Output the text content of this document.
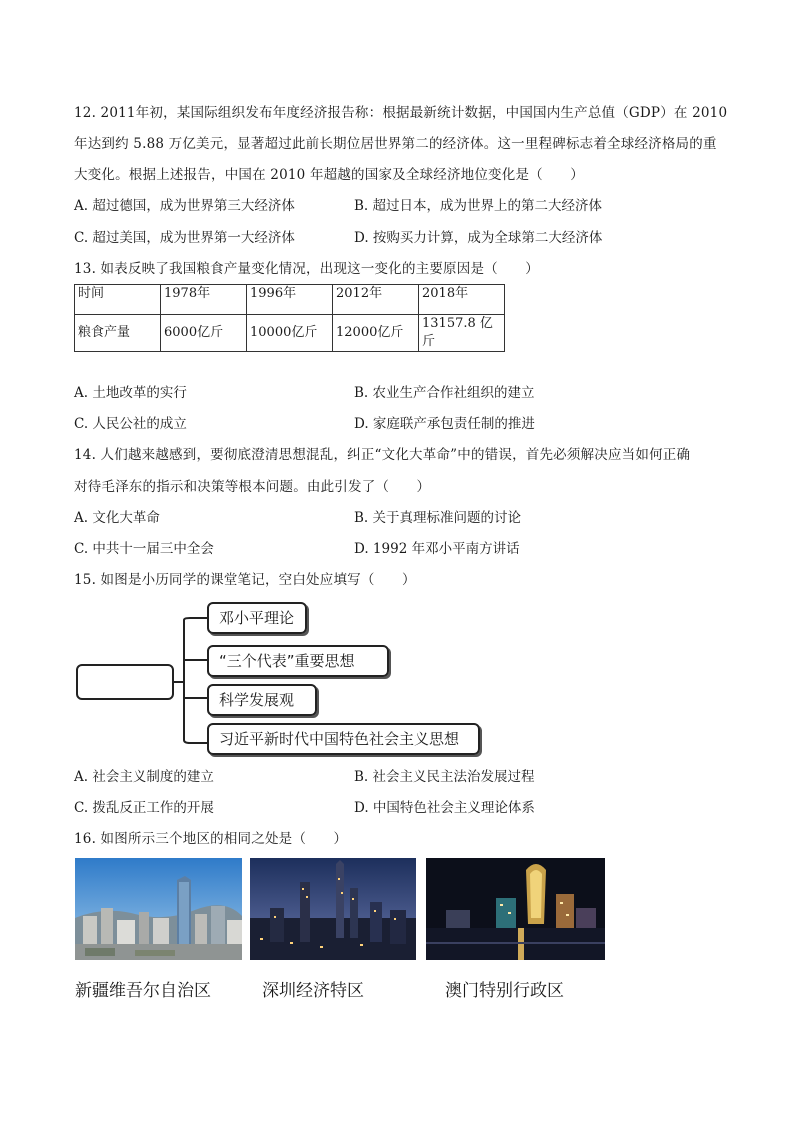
12. 2011年初，某国际组织发布年度经济报告称：根据最新统计数据，中国国内生产总值（GDP）在 2010
年达到约 5.88 万亿美元，显著超过此前长期位居世界第二的经济体。这一里程碑标志着全球经济格局的重
大变化。根据上述报告，中国在 2010 年超越的国家及全球经济地位变化是（　　）
A. 超过德国，成为世界第三大经济体	B. 超过日本，成为世界上的第二大经济体
C. 超过美国，成为世界第一大经济体	D. 按购买力计算，成为全球第二大经济体
13. 如表反映了我国粮食产量变化情况，出现这一变化的主要原因是（　　）
时间	1978年	1996年	2012年	2018年
粮食产量	6000亿斤	10000亿斤	12000亿斤	13157.8 亿斤
A. 土地改革的实行	B. 农业生产合作社组织的建立
C. 人民公社的成立	D. 家庭联产承包责任制的推进
14. 人们越来越感到，要彻底澄清思想混乱，纠正“文化大革命”中的错误，首先必须解决应当如何正确
对待毛泽东的指示和决策等根本问题。由此引发了（　　）
A. 文化大革命	B. 关于真理标准问题的讨论
C. 中共十一届三中全会	D. 1992 年邓小平南方讲话
15. 如图是小历同学的课堂笔记，空白处应填写（　　）
邓小平理论
“三个代表”重要思想
科学发展观
习近平新时代中国特色社会主义思想
A. 社会主义制度的建立	B. 社会主义民主法治发展过程
C. 拨乱反正工作的开展	D. 中国特色社会主义理论体系
16. 如图所示三个地区的相同之处是（　　）
新疆维吾尔自治区	深圳经济特区	澳门特别行政区
